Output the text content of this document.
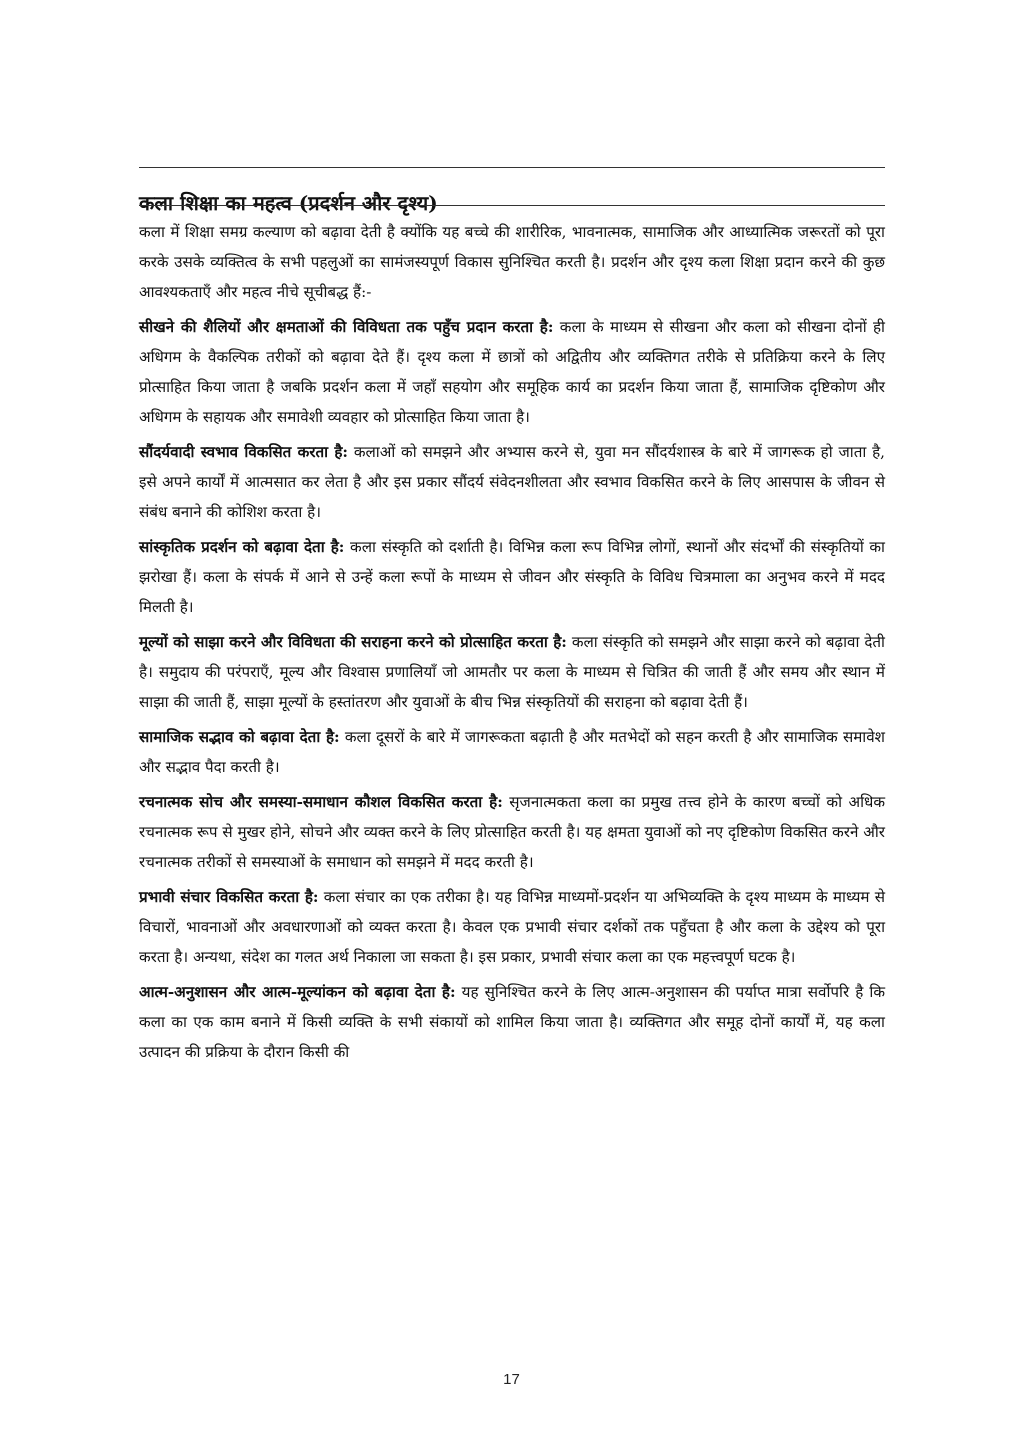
कला शिक्षा का महत्व (प्रदर्शन और दृश्य)

कला में शिक्षा समग्र कल्याण को बढ़ावा देती है क्योंकि यह बच्चे की शारीरिक, भावनात्मक, सामाजिक और आध्यात्मिक जरूरतों को पूरा करके उसके व्यक्तित्व के सभी पहलुओं का सामंजस्यपूर्ण विकास सुनिश्चित करती है। प्रदर्शन और दृश्य कला शिक्षा प्रदान करने की कुछ आवश्यकताएँ और महत्व नीचे सूचीबद्ध हैं:-

सीखने की शैलियों और क्षमताओं की विविधता तक पहुँच प्रदान करता है: कला के माध्यम से सीखना और कला को सीखना दोनों ही अधिगम के वैकल्पिक तरीकों को बढ़ावा देते हैं। दृश्य कला में छात्रों को अद्वितीय और व्यक्तिगत तरीके से प्रतिक्रिया करने के लिए प्रोत्साहित किया जाता है जबकि प्रदर्शन कला में जहाँ सहयोग और समूहिक कार्य का प्रदर्शन किया जाता हैं, सामाजिक दृष्टिकोण और अधिगम के सहायक और समावेशी व्यवहार को प्रोत्साहित किया जाता है।

सौंदर्यवादी स्वभाव विकसित करता है: कलाओं को समझने और अभ्यास करने से, युवा मन सौंदर्यशास्त्र के बारे में जागरूक हो जाता है, इसे अपने कार्यों में आत्मसात कर लेता है और इस प्रकार सौंदर्य संवेदनशीलता और स्वभाव विकसित करने के लिए आसपास के जीवन से संबंध बनाने की कोशिश करता है।

सांस्कृतिक प्रदर्शन को बढ़ावा देता है: कला संस्कृति को दर्शाती है। विभिन्न कला रूप विभिन्न लोगों, स्थानों और संदर्भों की संस्कृतियों का झरोखा हैं। कला के संपर्क में आने से उन्हें कला रूपों के माध्यम से जीवन और संस्कृति के विविध चित्रमाला का अनुभव करने में मदद मिलती है।

मूल्यों को साझा करने और विविधता की सराहना करने को प्रोत्साहित करता है: कला संस्कृति को समझने और साझा करने को बढ़ावा देती है। समुदाय की परंपराएँ, मूल्य और विश्वास प्रणालियाँ जो आमतौर पर कला के माध्यम से चित्रित की जाती हैं और समय और स्थान में साझा की जाती हैं, साझा मूल्यों के हस्तांतरण और युवाओं के बीच भिन्न संस्कृतियों की सराहना को बढ़ावा देती हैं।

सामाजिक सद्भाव को बढ़ावा देता है: कला दूसरों के बारे में जागरूकता बढ़ाती है और मतभेदों को सहन करती है और सामाजिक समावेश और सद्भाव पैदा करती है।

रचनात्मक सोच और समस्या-समाधान कौशल विकसित करता है: सृजनात्मकता कला का प्रमुख तत्त्व होने के कारण बच्चों को अधिक रचनात्मक रूप से मुखर होने, सोचने और व्यक्त करने के लिए प्रोत्साहित करती है। यह क्षमता युवाओं को नए दृष्टिकोण विकसित करने और रचनात्मक तरीकों से समस्याओं के समाधान को समझने में मदद करती है।

प्रभावी संचार विकसित करता है: कला संचार का एक तरीका है। यह विभिन्न माध्यमों-प्रदर्शन या अभिव्यक्ति के दृश्य माध्यम के माध्यम से विचारों, भावनाओं और अवधारणाओं को व्यक्त करता है। केवल एक प्रभावी संचार दर्शकों तक पहुँचता है और कला के उद्देश्य को पूरा करता है। अन्यथा, संदेश का गलत अर्थ निकाला जा सकता है। इस प्रकार, प्रभावी संचार कला का एक महत्त्वपूर्ण घटक है।

आत्म-अनुशासन और आत्म-मूल्यांकन को बढ़ावा देता है: यह सुनिश्चित करने के लिए आत्म-अनुशासन की पर्याप्त मात्रा सर्वोपरि है कि कला का एक काम बनाने में किसी व्यक्ति के सभी संकायों को शामिल किया जाता है। व्यक्तिगत और समूह दोनों कार्यों में, यह कला उत्पादन की प्रक्रिया के दौरान किसी की

17
